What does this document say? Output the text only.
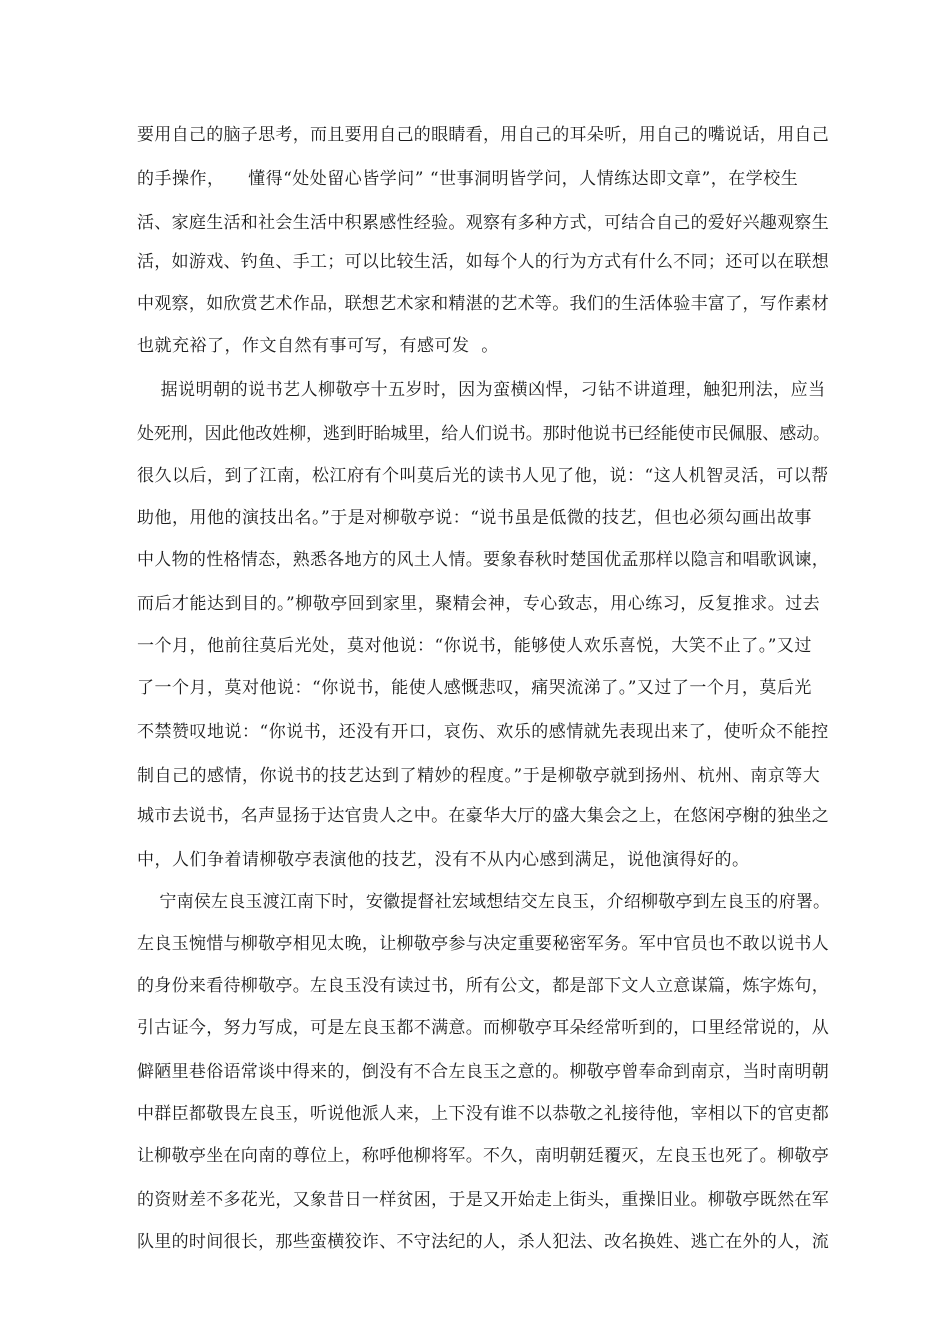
要用自己的脑子思考，而且要用自己的眼睛看，用自己的耳朵听，用自己的嘴说话，用自己

的手操作，    懂得“处处留心皆学问” “世事洞明皆学问，人情练达即文章”，在学校生

活、家庭生活和社会生活中积累感性经验。观察有多种方式，可结合自己的爱好兴趣观察生

活，如游戏、钓鱼、手工；可以比较生活，如每个人的行为方式有什么不同；还可以在联想

中观察，如欣赏艺术作品，联想艺术家和精湛的艺术等。我们的生活体验丰富了，写作素材

也就充裕了，作文自然有事可写，有感可发  。

据说明朝的说书艺人柳敬亭十五岁时，因为蛮横凶悍，刁钻不讲道理，触犯刑法，应当

处死刑，因此他改姓柳，逃到盱眙城里，给人们说书。那时他说书已经能使市民佩服、感动。

很久以后，到了江南，松江府有个叫莫后光的读书人见了他，说：“这人机智灵活，可以帮

助他，用他的演技出名。”于是对柳敬亭说：“说书虽是低微的技艺，但也必须勾画出故事

中人物的性格情态，熟悉各地方的风土人情。要象春秋时楚国优孟那样以隐言和唱歌讽谏，

而后才能达到目的。”柳敬亭回到家里，聚精会神，专心致志，用心练习，反复推求。过去

一个月，他前往莫后光处，莫对他说：“你说书，能够使人欢乐喜悦，大笑不止了。”又过

了一个月，莫对他说：“你说书，能使人感慨悲叹，痛哭流涕了。”又过了一个月，莫后光

不禁赞叹地说：“你说书，还没有开口，哀伤、欢乐的感情就先表现出来了，使听众不能控

制自己的感情，你说书的技艺达到了精妙的程度。”于是柳敬亭就到扬州、杭州、南京等大

城市去说书，名声显扬于达官贵人之中。在豪华大厅的盛大集会之上，在悠闲亭榭的独坐之

中，人们争着请柳敬亭表演他的技艺，没有不从内心感到满足，说他演得好的。

宁南侯左良玉渡江南下时，安徽提督社宏域想结交左良玉，介绍柳敬亭到左良玉的府署。

左良玉惋惜与柳敬亭相见太晚，让柳敬亭参与决定重要秘密军务。军中官员也不敢以说书人

的身份来看待柳敬亭。左良玉没有读过书，所有公文，都是部下文人立意谋篇，炼字炼句，

引古证今，努力写成，可是左良玉都不满意。而柳敬亭耳朵经常听到的，口里经常说的，从

僻陋里巷俗语常谈中得来的，倒没有不合左良玉之意的。柳敬亭曾奉命到南京，当时南明朝

中群臣都敬畏左良玉，听说他派人来，上下没有谁不以恭敬之礼接待他，宰相以下的官吏都

让柳敬亭坐在向南的尊位上，称呼他柳将军。不久，南明朝廷覆灭，左良玉也死了。柳敬亭

的资财差不多花光，又象昔日一样贫困，于是又开始走上街头，重操旧业。柳敬亭既然在军

队里的时间很长，那些蛮横狡诈、不守法纪的人，杀人犯法、改名换姓、逃亡在外的人，流
